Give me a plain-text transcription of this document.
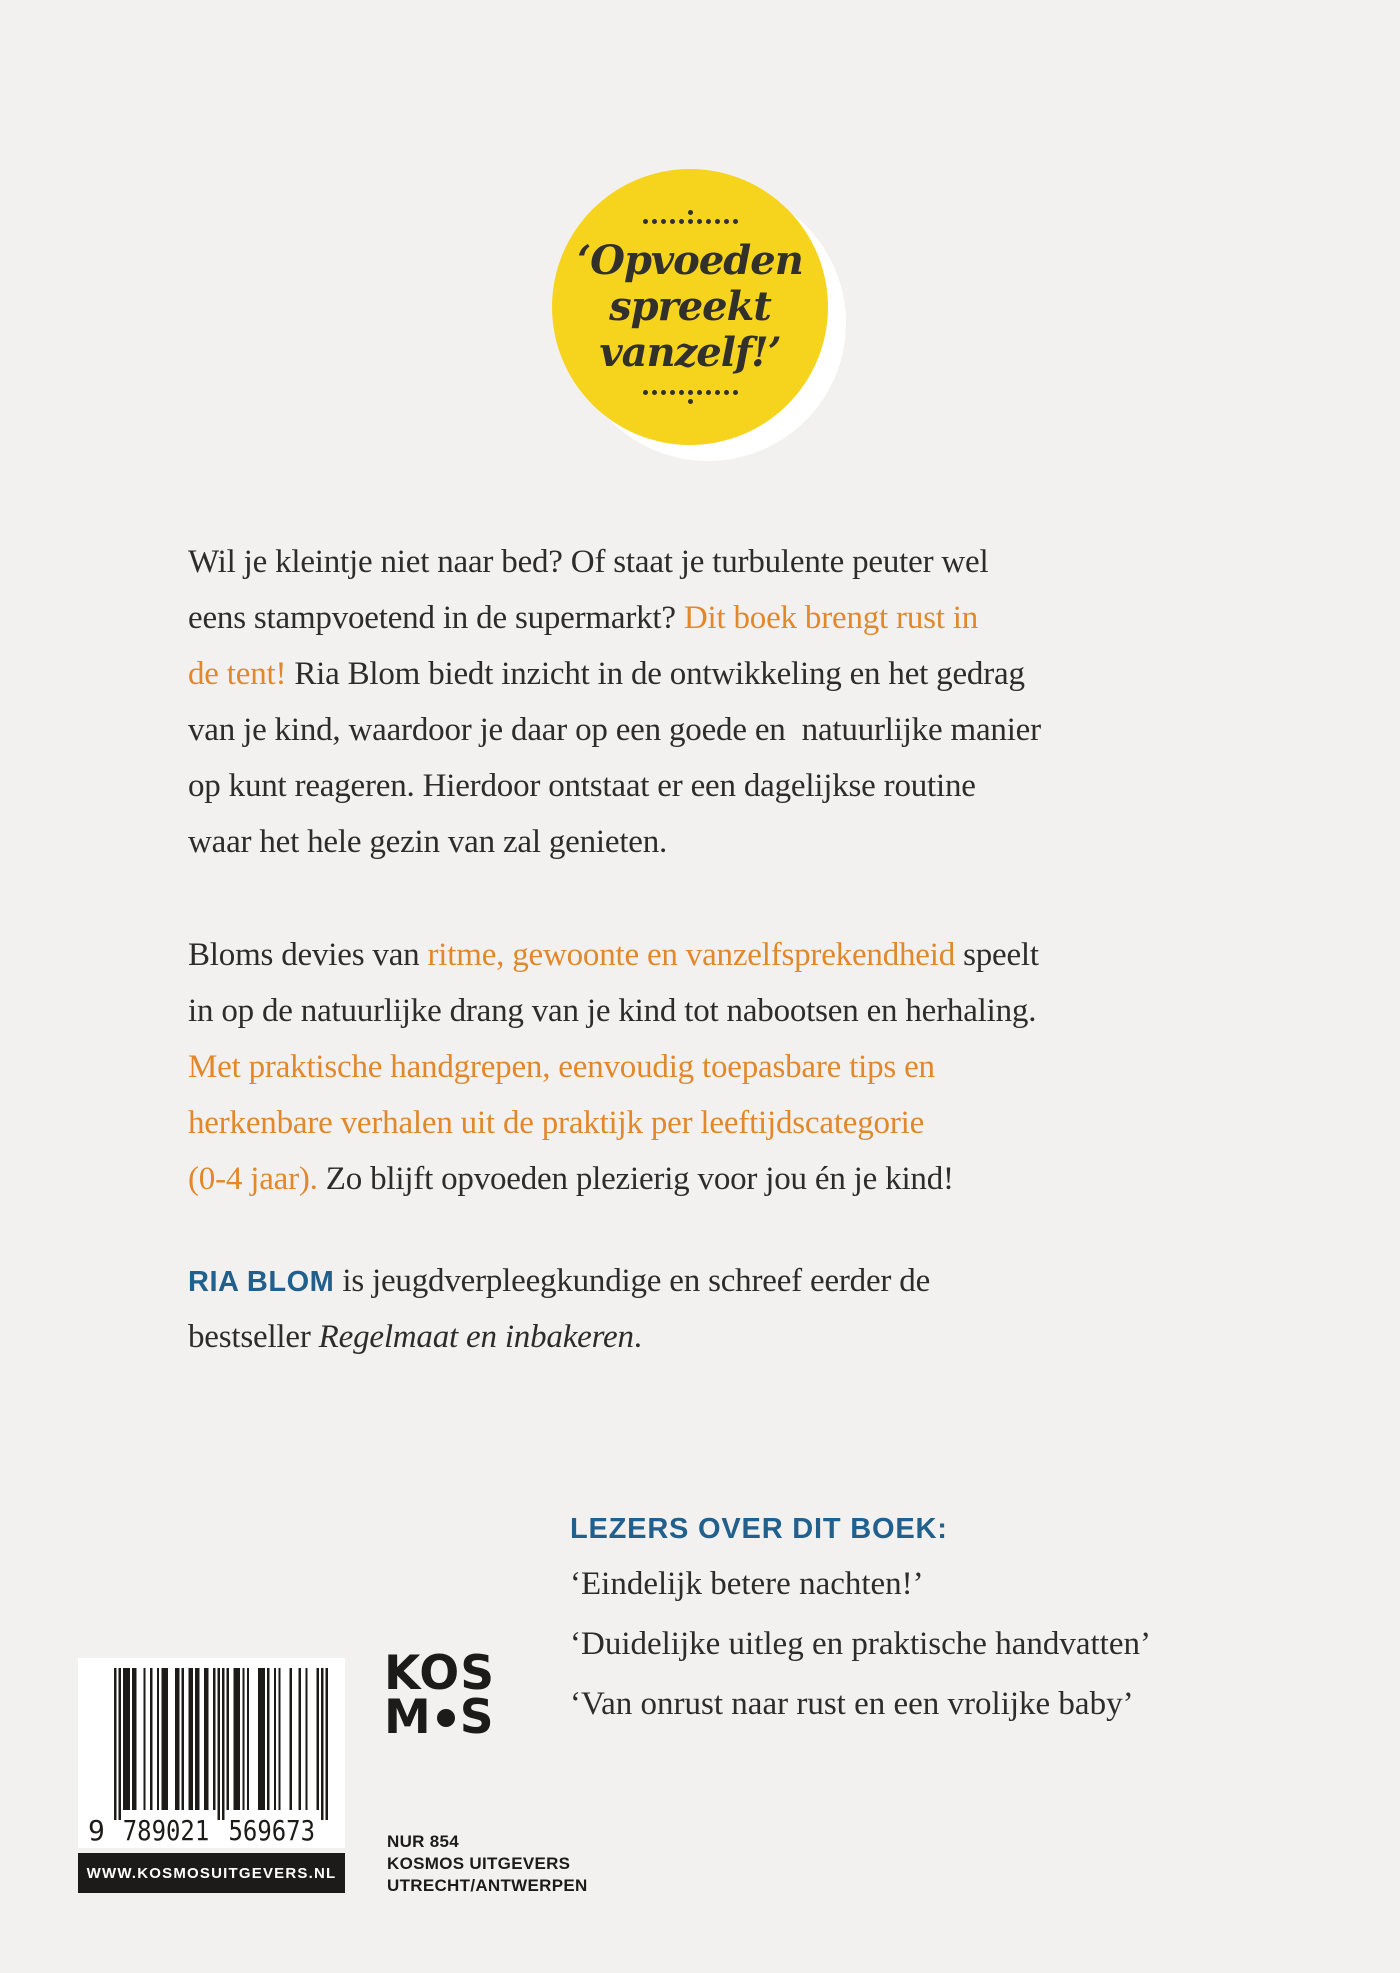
‘Opvoeden
spreekt
vanzelf!’
Wil je kleintje niet naar bed? Of staat je turbulente peuter wel
eens stampvoetend in de supermarkt? Dit boek brengt rust in
de tent! Ria Blom biedt inzicht in de ontwikkeling en het gedrag
van je kind, waardoor je daar op een goede en  natuurlijke manier
op kunt reageren. Hierdoor ontstaat er een dagelijkse routine
waar het hele gezin van zal genieten.
Bloms devies van ritme, gewoonte en vanzelfsprekendheid speelt
in op de natuurlijke drang van je kind tot nabootsen en herhaling.
Met praktische handgrepen, eenvoudig toepasbare tips en
herkenbare verhalen uit de praktijk per leeftijdscategorie
(0-4 jaar). Zo blijft opvoeden plezierig voor jou én je kind!
RIA BLOM is jeugdverpleegkundige en schreef eerder de
bestseller Regelmaat en inbakeren.
LEZERS OVER DIT BOEK:
‘Eindelijk betere nachten!’
‘Duidelijke uitleg en praktische handvatten’
‘Van onrust naar rust en een vrolijke baby’
9 789021 569673
WWW.KOSMOSUITGEVERS.NL
KOS
M S
NUR 854
KOSMOS UITGEVERS
UTRECHT/ANTWERPEN
